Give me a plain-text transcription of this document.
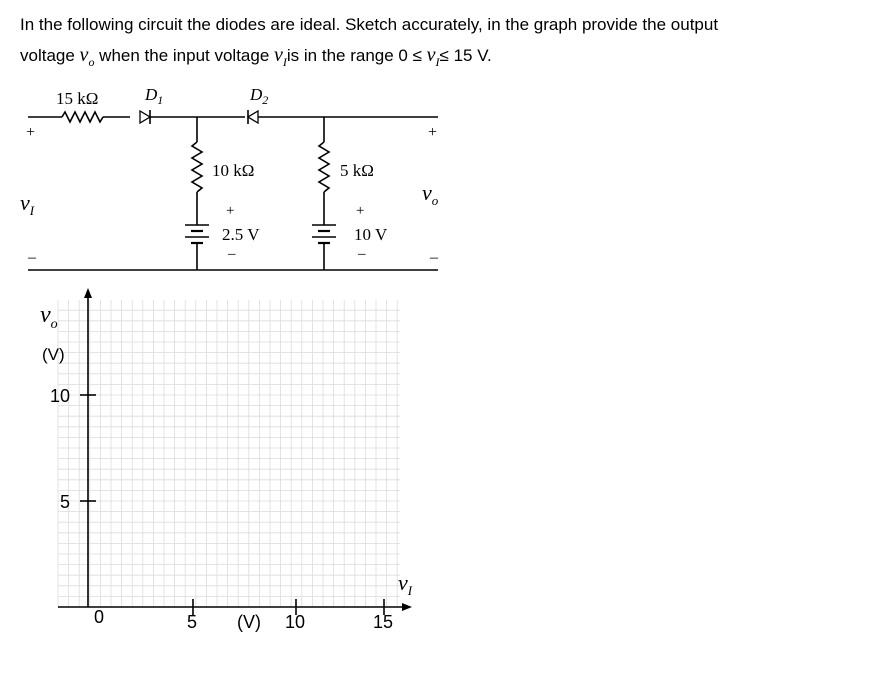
In the following circuit the diodes are ideal. Sketch accurately, in the graph provide the output
voltage $v_o$ when the input voltage $v_Iis$ in the range $0 \le v_I\le 15$ V.
15 kΩ	$D_1$	$D_2$
10 kΩ	5 kΩ
+
2.5 V
–
+
10 V
–
+
$v_I$
–
+
$v_o$
–
$v_o$
(V)
10
5
0	5 (V) 10	15
$v_I$
